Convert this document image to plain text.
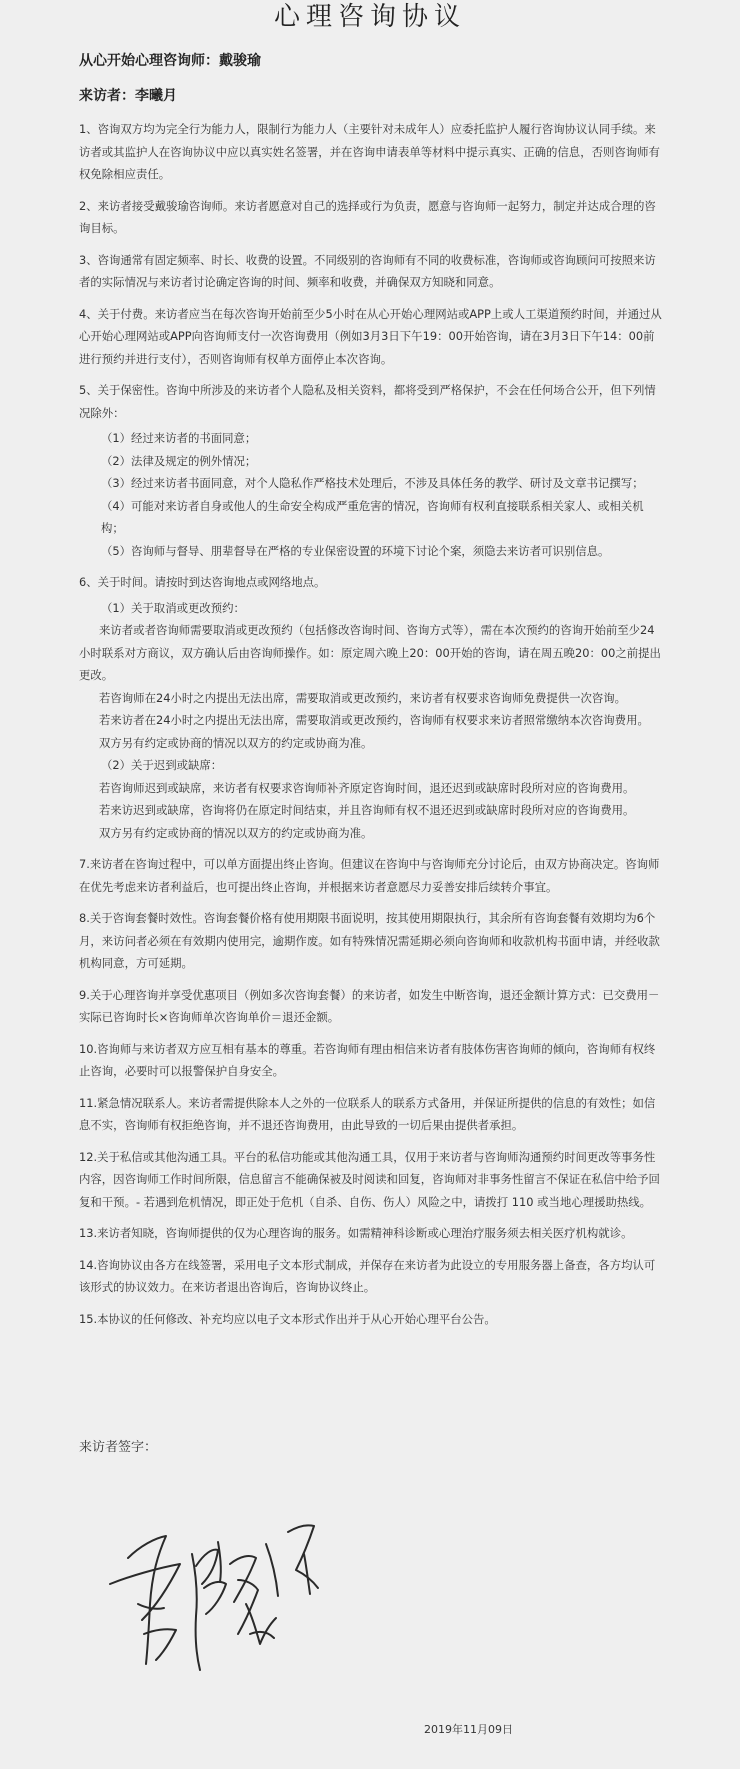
心理咨询协议
从心开始心理咨询师：戴骏瑜
来访者：李曦月

1、咨询双方均为完全行为能力人，限制行为能力人（主要针对未成年人）应委托监护人履行咨询协议认同手续。来访者或其监护人在咨询协议中应以真实姓名签署，并在咨询申请表单等材料中提示真实、正确的信息，否则咨询师有权免除相应责任。

2、来访者接受戴骏瑜咨询师。来访者愿意对自己的选择或行为负责，愿意与咨询师一起努力，制定并达成合理的咨询目标。

3、咨询通常有固定频率、时长、收费的设置。不同级别的咨询师有不同的收费标准，咨询师或咨询顾问可按照来访者的实际情况与来访者讨论确定咨询的时间、频率和收费，并确保双方知晓和同意。

4、关于付费。来访者应当在每次咨询开始前至少5小时在从心开始心理网站或APP上或人工渠道预约时间，并通过从心开始心理网站或APP向咨询师支付一次咨询费用（例如3月3日下午19：00开始咨询，请在3月3日下午14：00前进行预约并进行支付），否则咨询师有权单方面停止本次咨询。

5、关于保密性。咨询中所涉及的来访者个人隐私及相关资料，都将受到严格保护，不会在任何场合公开，但下列情况除外：

（1）经过来访者的书面同意；
（2）法律及规定的例外情况；
（3）经过来访者书面同意，对个人隐私作严格技术处理后，不涉及具体任务的教学、研讨及文章书记撰写；
（4）可能对来访者自身或他人的生命安全构成严重危害的情况，咨询师有权利直接联系相关家人、或相关机构；
（5）咨询师与督导、朋辈督导在严格的专业保密设置的环境下讨论个案，须隐去来访者可识别信息。

6、关于时间。请按时到达咨询地点或网络地点。

（1）关于取消或更改预约：
来访者或者咨询师需要取消或更改预约（包括修改咨询时间、咨询方式等），需在本次预约的咨询开始前至少24小时联系对方商议，双方确认后由咨询师操作。如：原定周六晚上20：00开始的咨询，请在周五晚20：00之前提出更改。
若咨询师在24小时之内提出无法出席，需要取消或更改预约，来访者有权要求咨询师免费提供一次咨询。
若来访者在24小时之内提出无法出席，需要取消或更改预约，咨询师有权要求来访者照常缴纳本次咨询费用。
双方另有约定或协商的情况以双方的约定或协商为准。
（2）关于迟到或缺席：
若咨询师迟到或缺席，来访者有权要求咨询师补齐原定咨询时间，退还迟到或缺席时段所对应的咨询费用。
若来访迟到或缺席，咨询将仍在原定时间结束，并且咨询师有权不退还迟到或缺席时段所对应的咨询费用。
双方另有约定或协商的情况以双方的约定或协商为准。

7.来访者在咨询过程中，可以单方面提出终止咨询。但建议在咨询中与咨询师充分讨论后，由双方协商决定。咨询师在优先考虑来访者利益后，也可提出终止咨询，并根据来访者意愿尽力妥善安排后续转介事宜。

8.关于咨询套餐时效性。咨询套餐价格有使用期限书面说明，按其使用期限执行，其余所有咨询套餐有效期均为6个月，来访问者必须在有效期内使用完，逾期作废。如有特殊情况需延期必须向咨询师和收款机构书面申请，并经收款机构同意，方可延期。

9.关于心理咨询并享受优惠项目（例如多次咨询套餐）的来访者，如发生中断咨询，退还金额计算方式：已交费用－实际已咨询时长×咨询师单次咨询单价＝退还金额。

10.咨询师与来访者双方应互相有基本的尊重。若咨询师有理由相信来访者有肢体伤害咨询师的倾向，咨询师有权终止咨询，必要时可以报警保护自身安全。

11.紧急情况联系人。来访者需提供除本人之外的一位联系人的联系方式备用，并保证所提供的信息的有效性；如信息不实，咨询师有权拒绝咨询，并不退还咨询费用，由此导致的一切后果由提供者承担。

12.关于私信或其他沟通工具。平台的私信功能或其他沟通工具，仅用于来访者与咨询师沟通预约时间更改等事务性内容，因咨询师工作时间所限，信息留言不能确保被及时阅读和回复，咨询师对非事务性留言不保证在私信中给予回复和干预。- 若遇到危机情况，即正处于危机（自杀、自伤、伤人）风险之中，请拨打 110 或当地心理援助热线。

13.来访者知晓，咨询师提供的仅为心理咨询的服务。如需精神科诊断或心理治疗服务须去相关医疗机构就诊。

14.咨询协议由各方在线签署，采用电子文本形式制成，并保存在来访者为此设立的专用服务器上备查，各方均认可该形式的协议效力。在来访者退出咨询后，咨询协议终止。

15.本协议的任何修改、补充均应以电子文本形式作出并于从心开始心理平台公告。

来访者签字：
2019年11月09日
